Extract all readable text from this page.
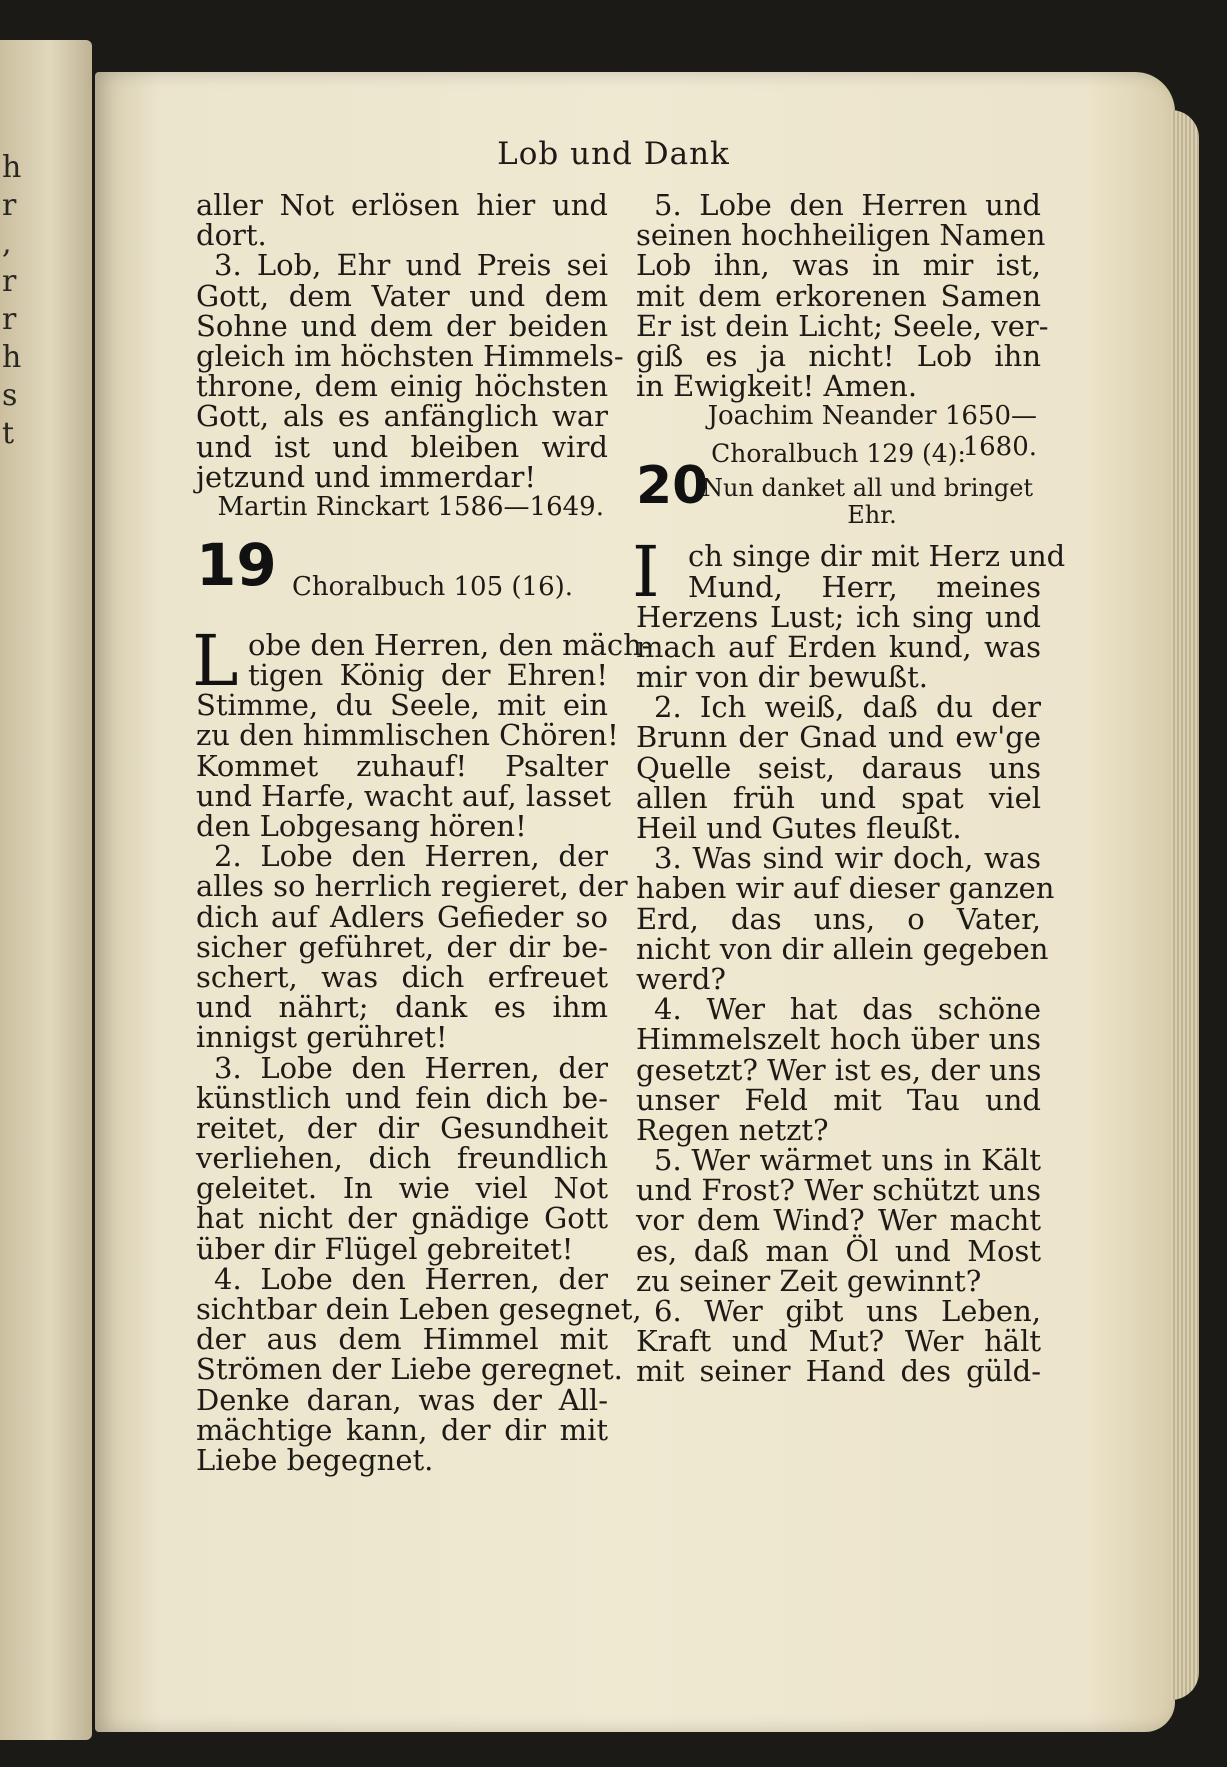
h
r
,
r
r
h
s
t
Lob und Dank
aller Not erlösen hier und
dort.
3. Lob, Ehr und Preis sei
Gott, dem Vater und dem
Sohne und dem der beiden
gleich im höchsten Himmels-
throne, dem einig höchsten
Gott, als es anfänglich war
und ist und bleiben wird
jetzund und immerdar!
Martin Rinckart 1586—1649.
19 Choralbuch 105 (16).
L obe den Herren, den mäch-
tigen König der Ehren!
Stimme, du Seele, mit ein
zu den himmlischen Chören!
Kommet zuhauf! Psalter
und Harfe, wacht auf, lasset
den Lobgesang hören!
2. Lobe den Herren, der
alles so herrlich regieret, der
dich auf Adlers Gefieder so
sicher geführet, der dir be-
schert, was dich erfreuet
und nährt; dank es ihm
innigst gerühret!
3. Lobe den Herren, der
künstlich und fein dich be-
reitet, der dir Gesundheit
verliehen, dich freundlich
geleitet. In wie viel Not
hat nicht der gnädige Gott
über dir Flügel gebreitet!
4. Lobe den Herren, der
sichtbar dein Leben gesegnet,
der aus dem Himmel mit
Strömen der Liebe geregnet.
Denke daran, was der All-
mächtige kann, der dir mit
Liebe begegnet.
5. Lobe den Herren und
seinen hochheiligen Namen
Lob ihn, was in mir ist,
mit dem erkorenen Samen
Er ist dein Licht; Seele, ver-
giß es ja nicht! Lob ihn
in Ewigkeit! Amen.
Joachim Neander 1650—1680.
Choralbuch 129 (4):
20
Nun danket all und bringet
Ehr.
I ch singe dir mit Herz und
Mund, Herr, meines
Herzens Lust; ich sing und
mach auf Erden kund, was
mir von dir bewußt.
2. Ich weiß, daß du der
Brunn der Gnad und ew'ge
Quelle seist, daraus uns
allen früh und spat viel
Heil und Gutes fleußt.
3. Was sind wir doch, was
haben wir auf dieser ganzen
Erd, das uns, o Vater,
nicht von dir allein gegeben
werd?
4. Wer hat das schöne
Himmelszelt hoch über uns
gesetzt? Wer ist es, der uns
unser Feld mit Tau und
Regen netzt?
5. Wer wärmet uns in Kält
und Frost? Wer schützt uns
vor dem Wind? Wer macht
es, daß man Öl und Most
zu seiner Zeit gewinnt?
6. Wer gibt uns Leben,
Kraft und Mut? Wer hält
mit seiner Hand des güld-
